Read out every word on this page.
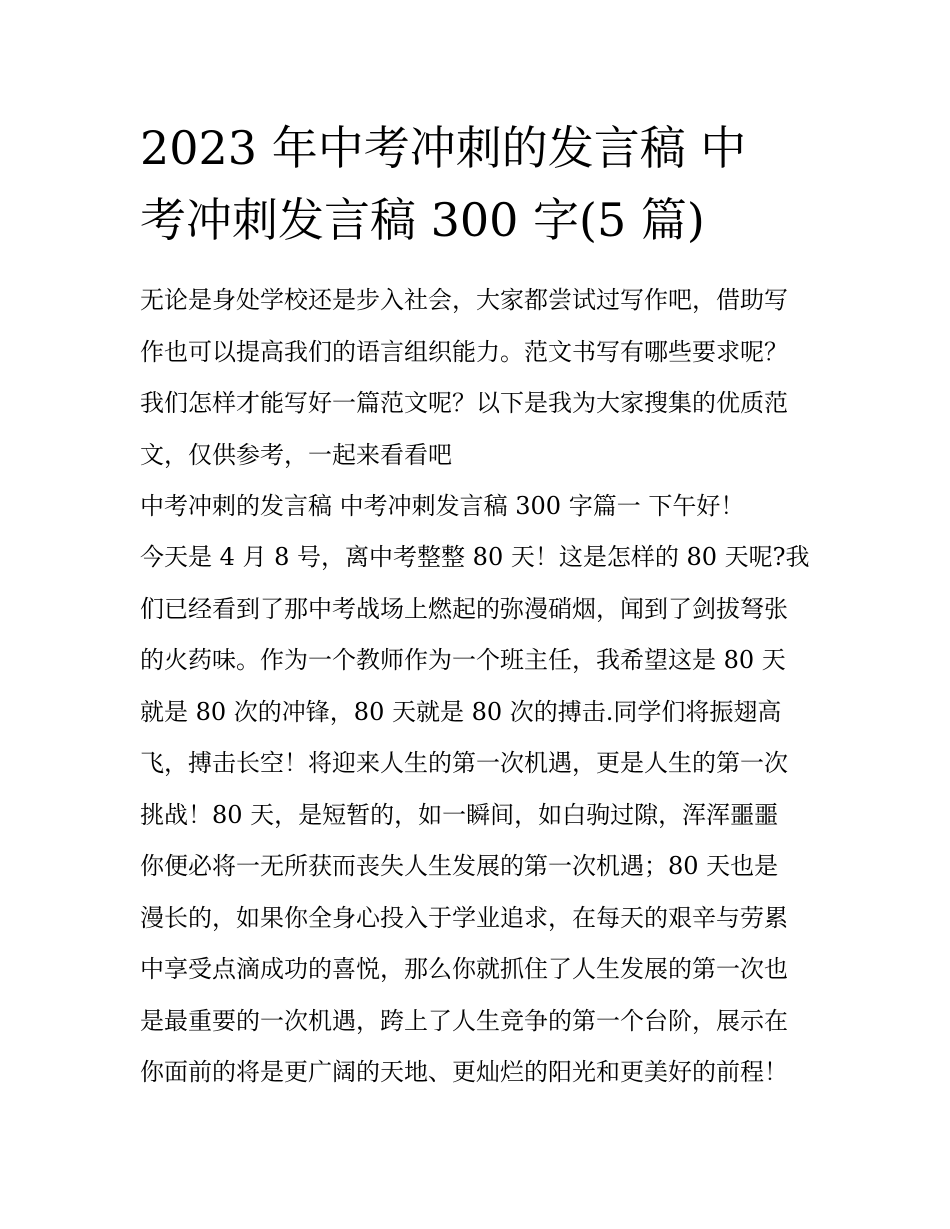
2023 年中考冲刺的发言稿 中
考冲刺发言稿 300 字(5 篇)
无论是身处学校还是步入社会，大家都尝试过写作吧，借助写
作也可以提高我们的语言组织能力。范文书写有哪些要求呢？
我们怎样才能写好一篇范文呢？以下是我为大家搜集的优质范
文，仅供参考，一起来看看吧
中考冲刺的发言稿 中考冲刺发言稿 300 字篇一 下午好！
今天是 4 月 8 号，离中考整整 80 天！这是怎样的 80 天呢?我
们已经看到了那中考战场上燃起的弥漫硝烟，闻到了剑拔弩张
的火药味。作为一个教师作为一个班主任，我希望这是 80 天
就是 80 次的冲锋，80 天就是 80 次的搏击.同学们将振翅高
飞，搏击长空！将迎来人生的第一次机遇，更是人生的第一次
挑战！80 天，是短暂的，如一瞬间，如白驹过隙，浑浑噩噩
你便必将一无所获而丧失人生发展的第一次机遇；80 天也是
漫长的，如果你全身心投入于学业追求，在每天的艰辛与劳累
中享受点滴成功的喜悦，那么你就抓住了人生发展的第一次也
是最重要的一次机遇，跨上了人生竞争的第一个台阶，展示在
你面前的将是更广阔的天地、更灿烂的阳光和更美好的前程！
